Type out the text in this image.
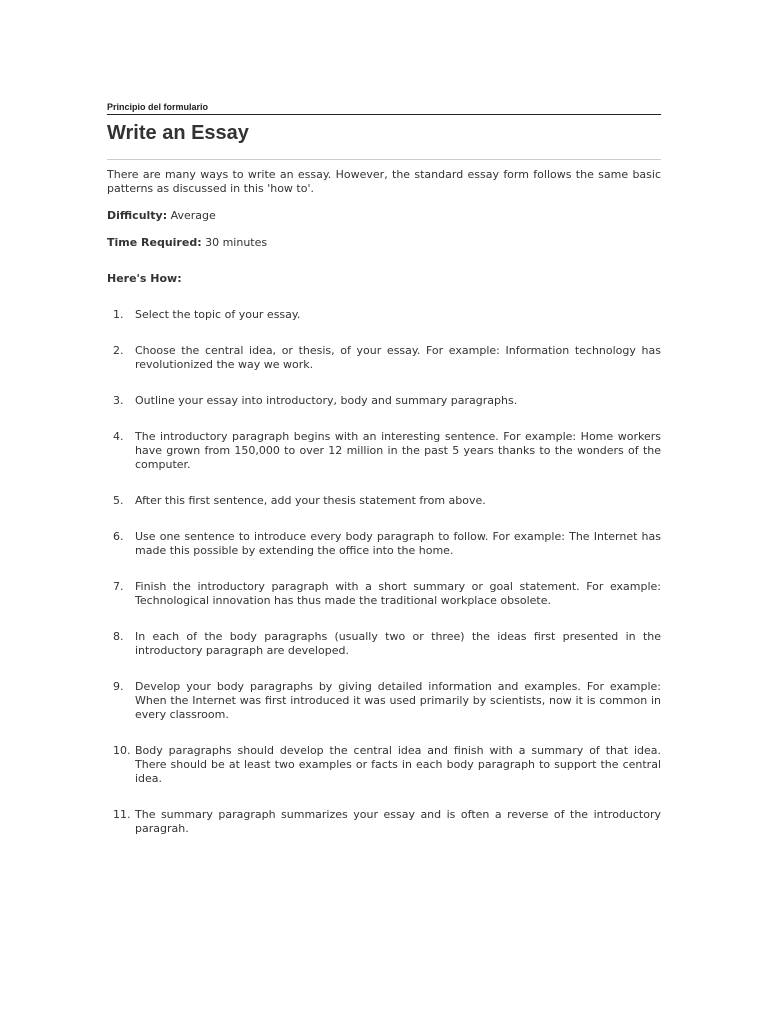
Principio del formulario
Write an Essay

There are many ways to write an essay. However, the standard essay form follows the same basic patterns as discussed in this 'how to'.

Difficulty: Average

Time Required: 30 minutes

Here's How:
1.	Select the topic of your essay.
2.	Choose the central idea, or thesis, of your essay. For example: Information technology has revolutionized the way we work.
3.	Outline your essay into introductory, body and summary paragraphs.
4.	The introductory paragraph begins with an interesting sentence. For example: Home workers have grown from 150,000 to over 12 million in the past 5 years thanks to the wonders of the computer.
5.	After this first sentence, add your thesis statement from above.
6.	Use one sentence to introduce every body paragraph to follow. For example: The Internet has made this possible by extending the office into the home.
7.	Finish the introductory paragraph with a short summary or goal statement. For example: Technological innovation has thus made the traditional workplace obsolete.
8.	In each of the body paragraphs (usually two or three) the ideas first presented in the introductory paragraph are developed.
9.	Develop your body paragraphs by giving detailed information and examples. For example: When the Internet was first introduced it was used primarily by scientists, now it is common in every classroom.
10. Body paragraphs should develop the central idea and finish with a summary of that idea. There should be at least two examples or facts in each body paragraph to support the central idea.
11. The summary paragraph summarizes your essay and is often a reverse of the introductory paragrah.
